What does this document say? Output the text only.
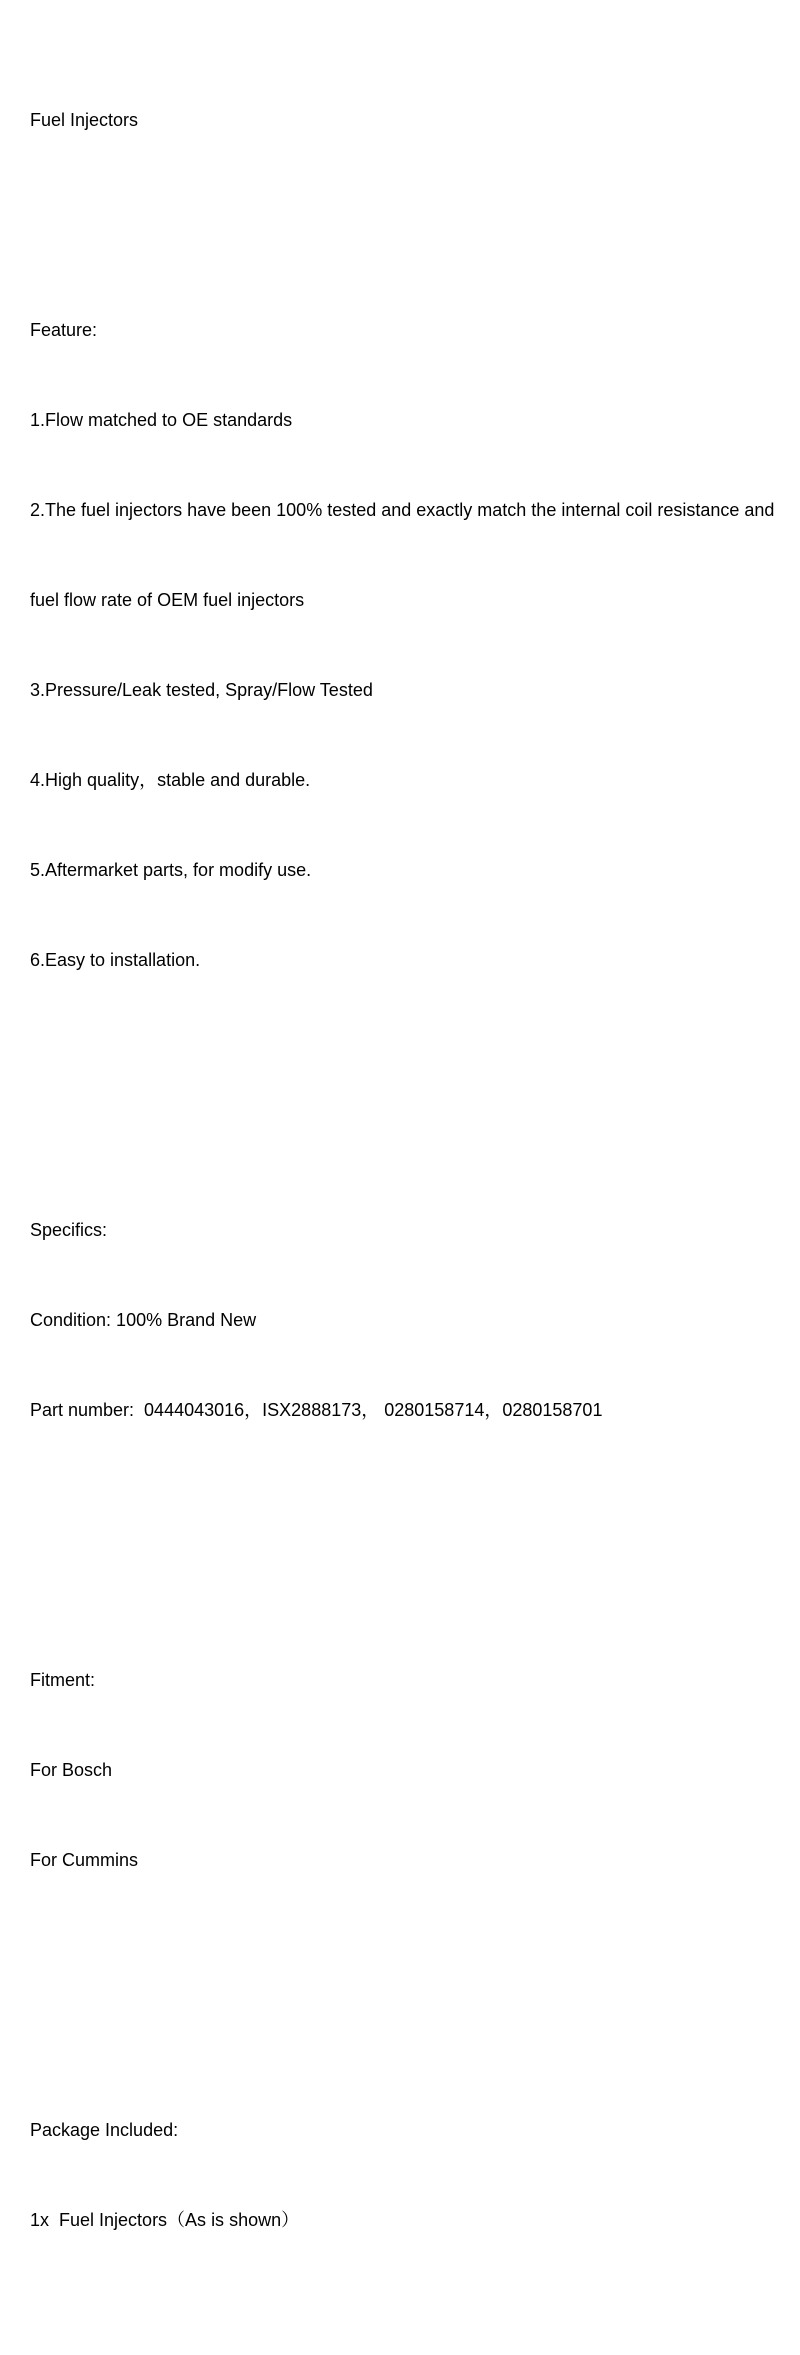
Fuel Injectors

Feature:

1.Flow matched to OE standards

2.The fuel injectors have been 100% tested and exactly match the internal coil resistance and

fuel flow rate of OEM fuel injectors

3.Pressure/Leak tested, Spray/Flow Tested

4.High quality，stable and durable.

5.Aftermarket parts, for modify use.

6.Easy to installation.

Specifics:

Condition: 100% Brand New

Part number:  0444043016，ISX2888173， 0280158714，0280158701

Fitment:

For Bosch

For Cummins

Package Included:

1x  Fuel Injectors（As is shown）
